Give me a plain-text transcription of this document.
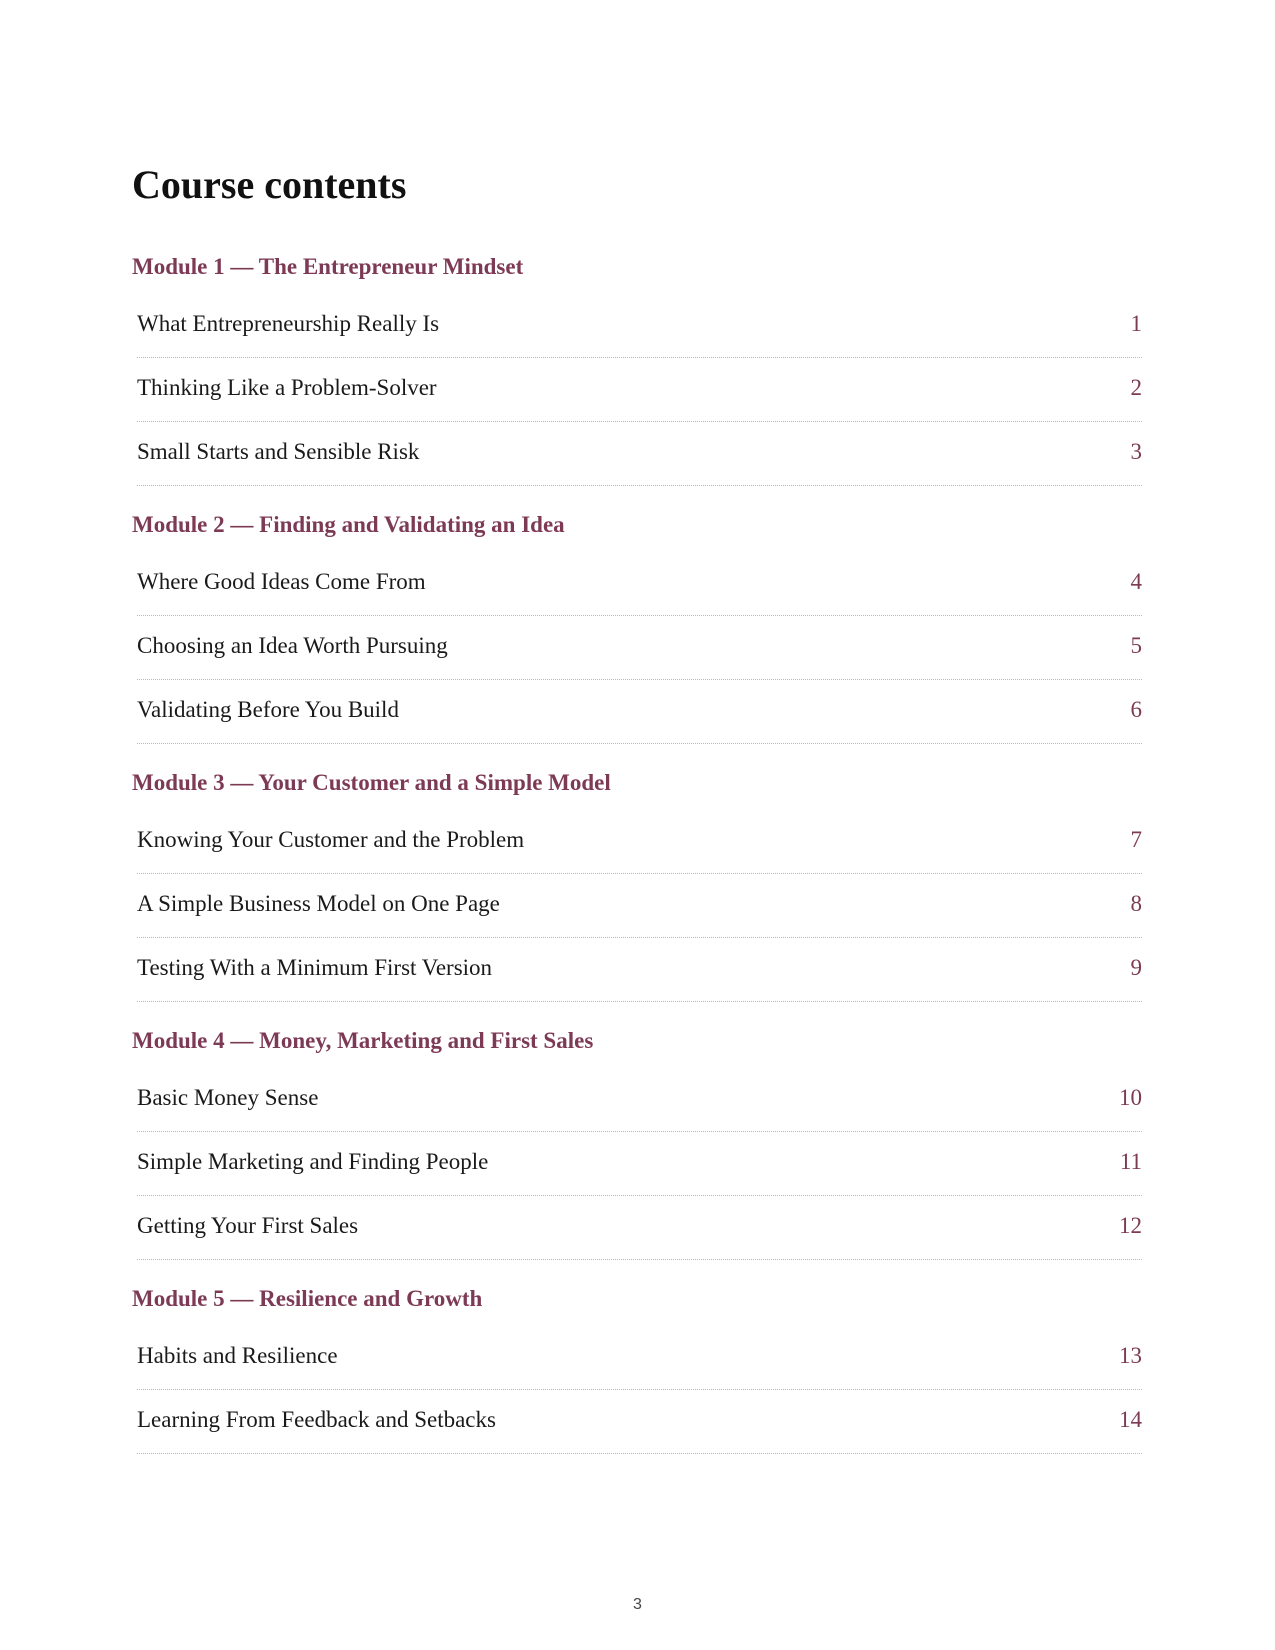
Course contents
Module 1 — The Entrepreneur Mindset
What Entrepreneurship Really Is	1
Thinking Like a Problem-Solver	2
Small Starts and Sensible Risk	3
Module 2 — Finding and Validating an Idea
Where Good Ideas Come From	4
Choosing an Idea Worth Pursuing	5
Validating Before You Build	6
Module 3 — Your Customer and a Simple Model
Knowing Your Customer and the Problem	7
A Simple Business Model on One Page	8
Testing With a Minimum First Version	9
Module 4 — Money, Marketing and First Sales
Basic Money Sense	10
Simple Marketing and Finding People	11
Getting Your First Sales	12
Module 5 — Resilience and Growth
Habits and Resilience	13
Learning From Feedback and Setbacks	14
3
